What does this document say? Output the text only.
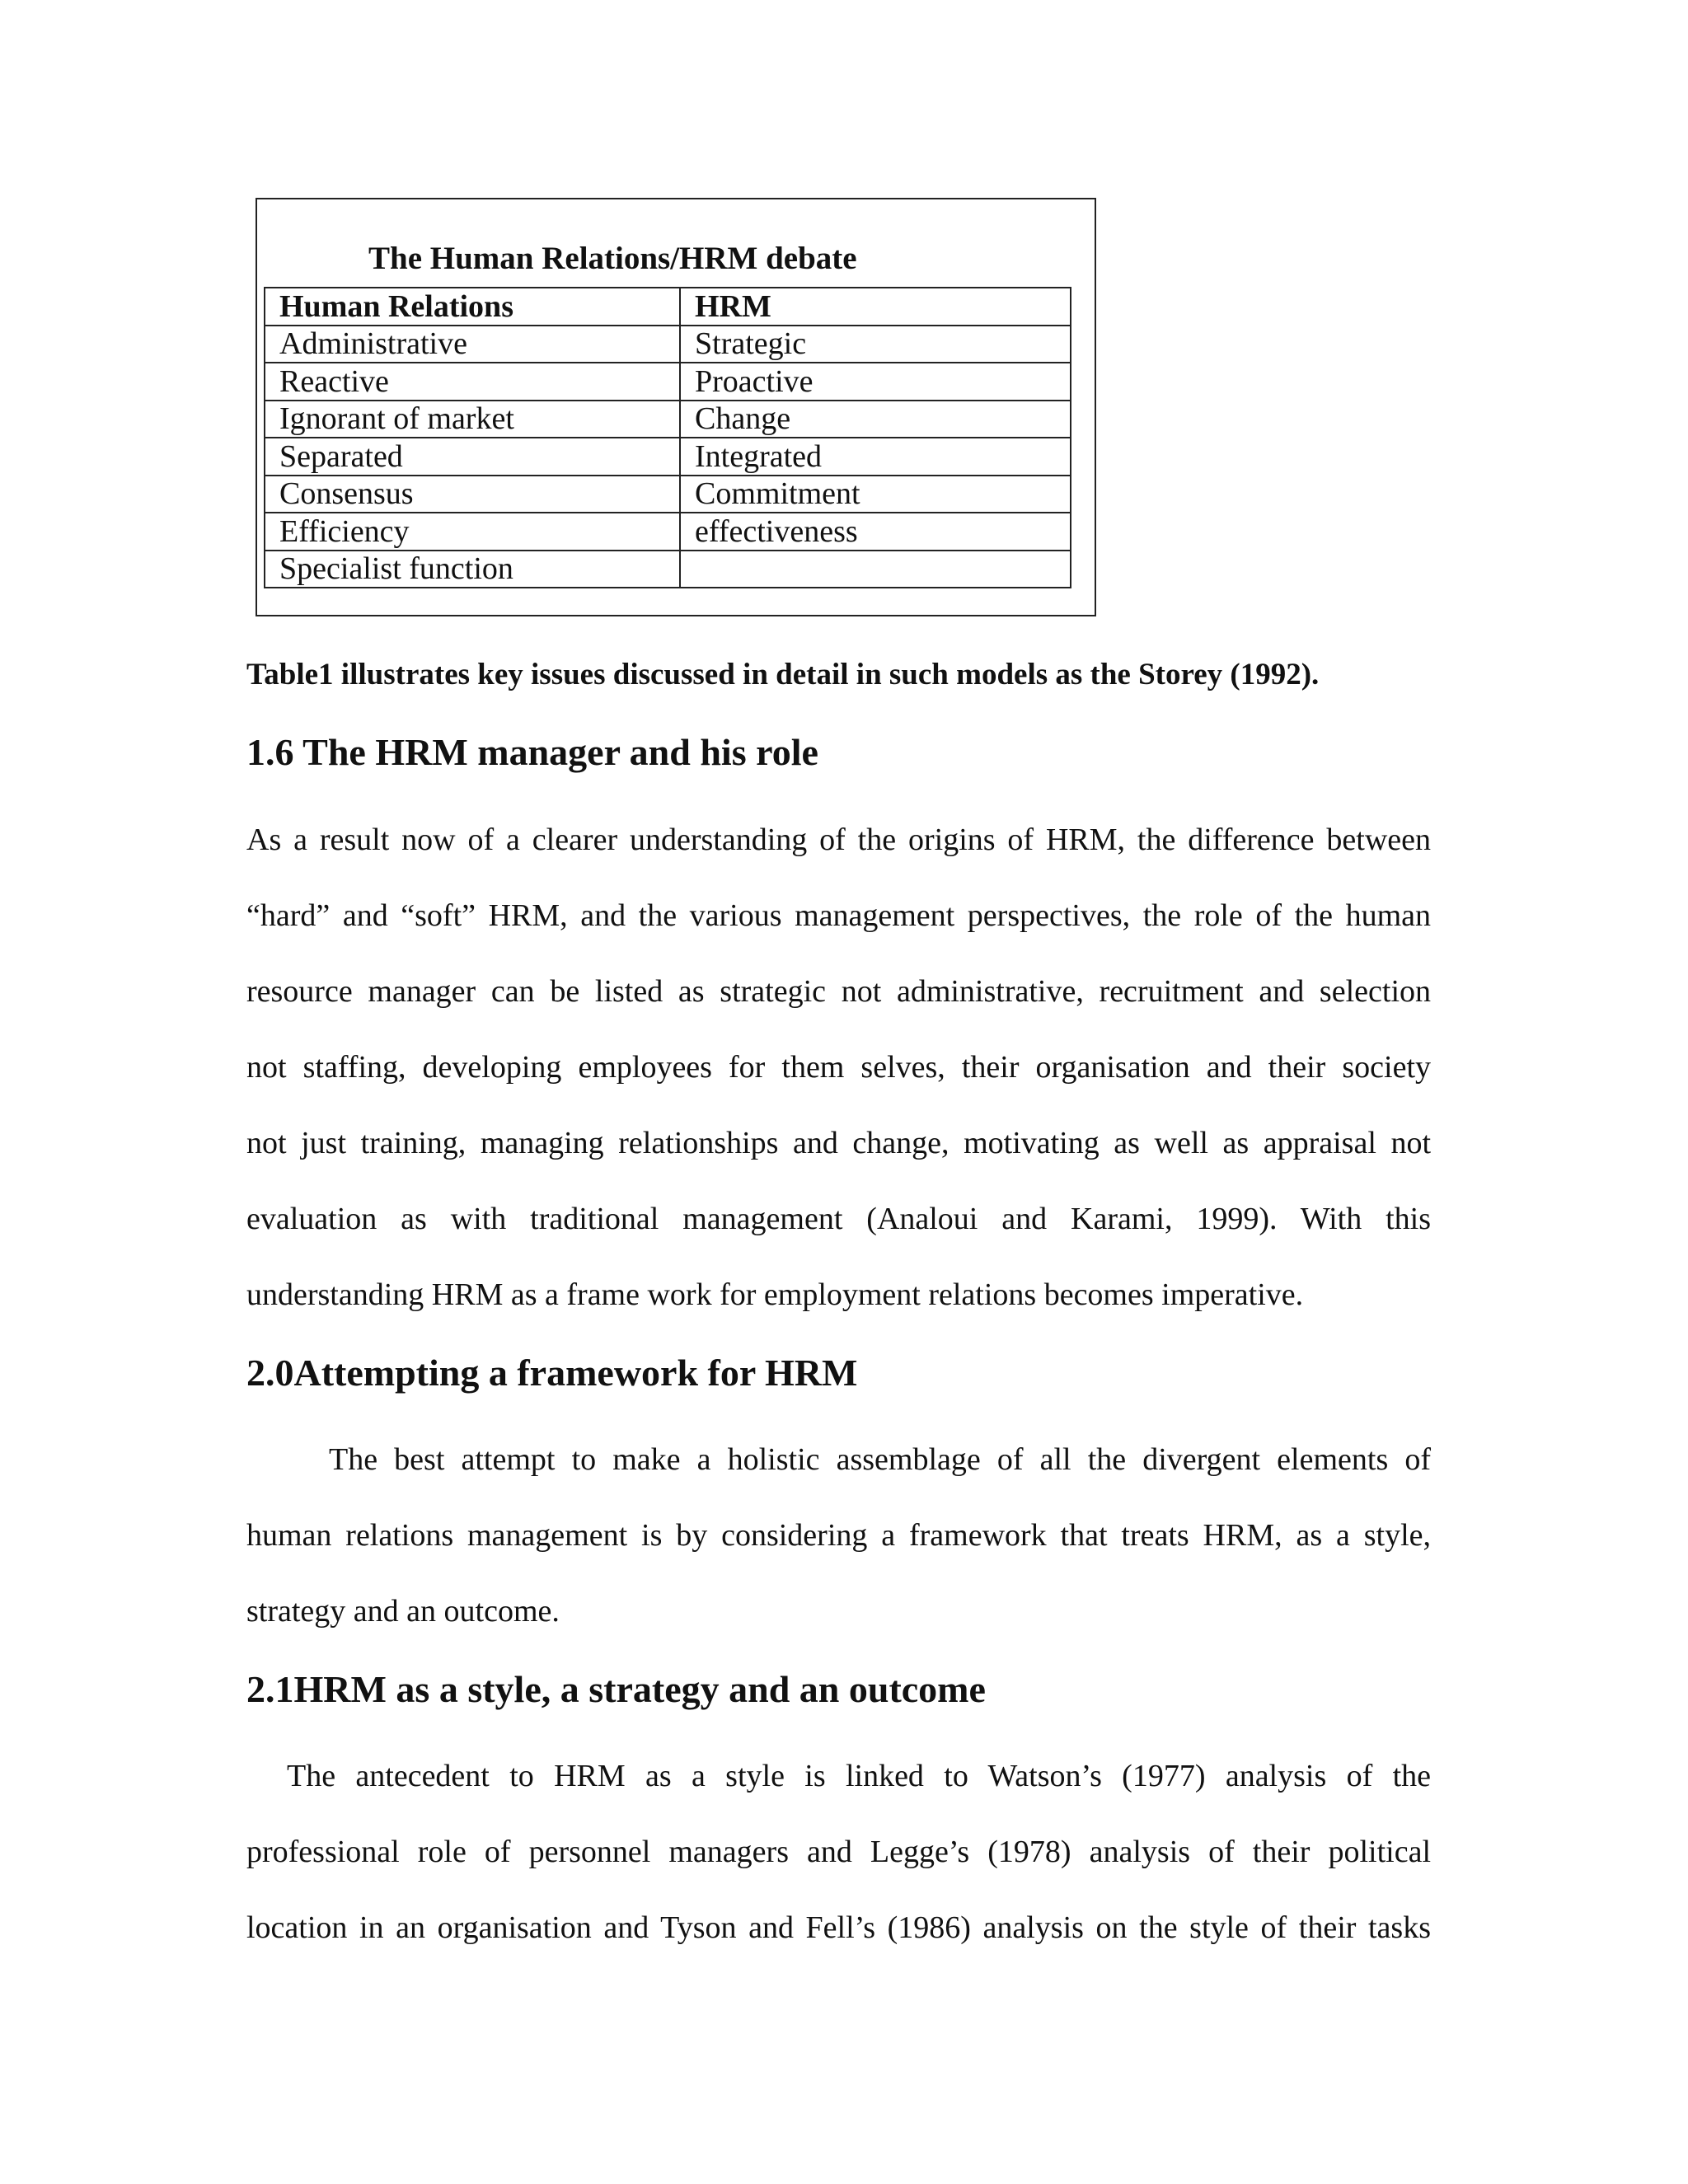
The Human Relations/HRM debate
Human Relations	HRM
Administrative	Strategic
Reactive	Proactive
Ignorant of market	Change
Separated	Integrated
Consensus	Commitment
Efficiency	effectiveness
Specialist function	
Table1 illustrates key issues discussed in detail in such models as the Storey (1992).
1.6 The HRM manager and his role
As a result now of a clearer understanding of the origins of HRM, the difference between
“hard” and “soft” HRM, and the various management perspectives, the role of the human
resource manager can be listed as strategic not administrative, recruitment and selection
not staffing, developing employees for them selves, their organisation and their society
not just training, managing relationships and change, motivating as well as appraisal not
evaluation as with traditional management (Analoui and Karami, 1999). With this
understanding HRM as a frame work for employment relations becomes imperative.
2.0Attempting a framework for HRM
The best attempt to make a holistic assemblage of all the divergent elements of
human relations management is by considering a framework that treats HRM, as a style,
strategy and an outcome.
2.1HRM as a style, a strategy and an outcome
The antecedent to HRM as a style is linked to Watson’s (1977) analysis of the
professional role of personnel managers and Legge’s (1978) analysis of their political
location in an organisation and Tyson and Fell’s (1986) analysis on the style of their tasks
